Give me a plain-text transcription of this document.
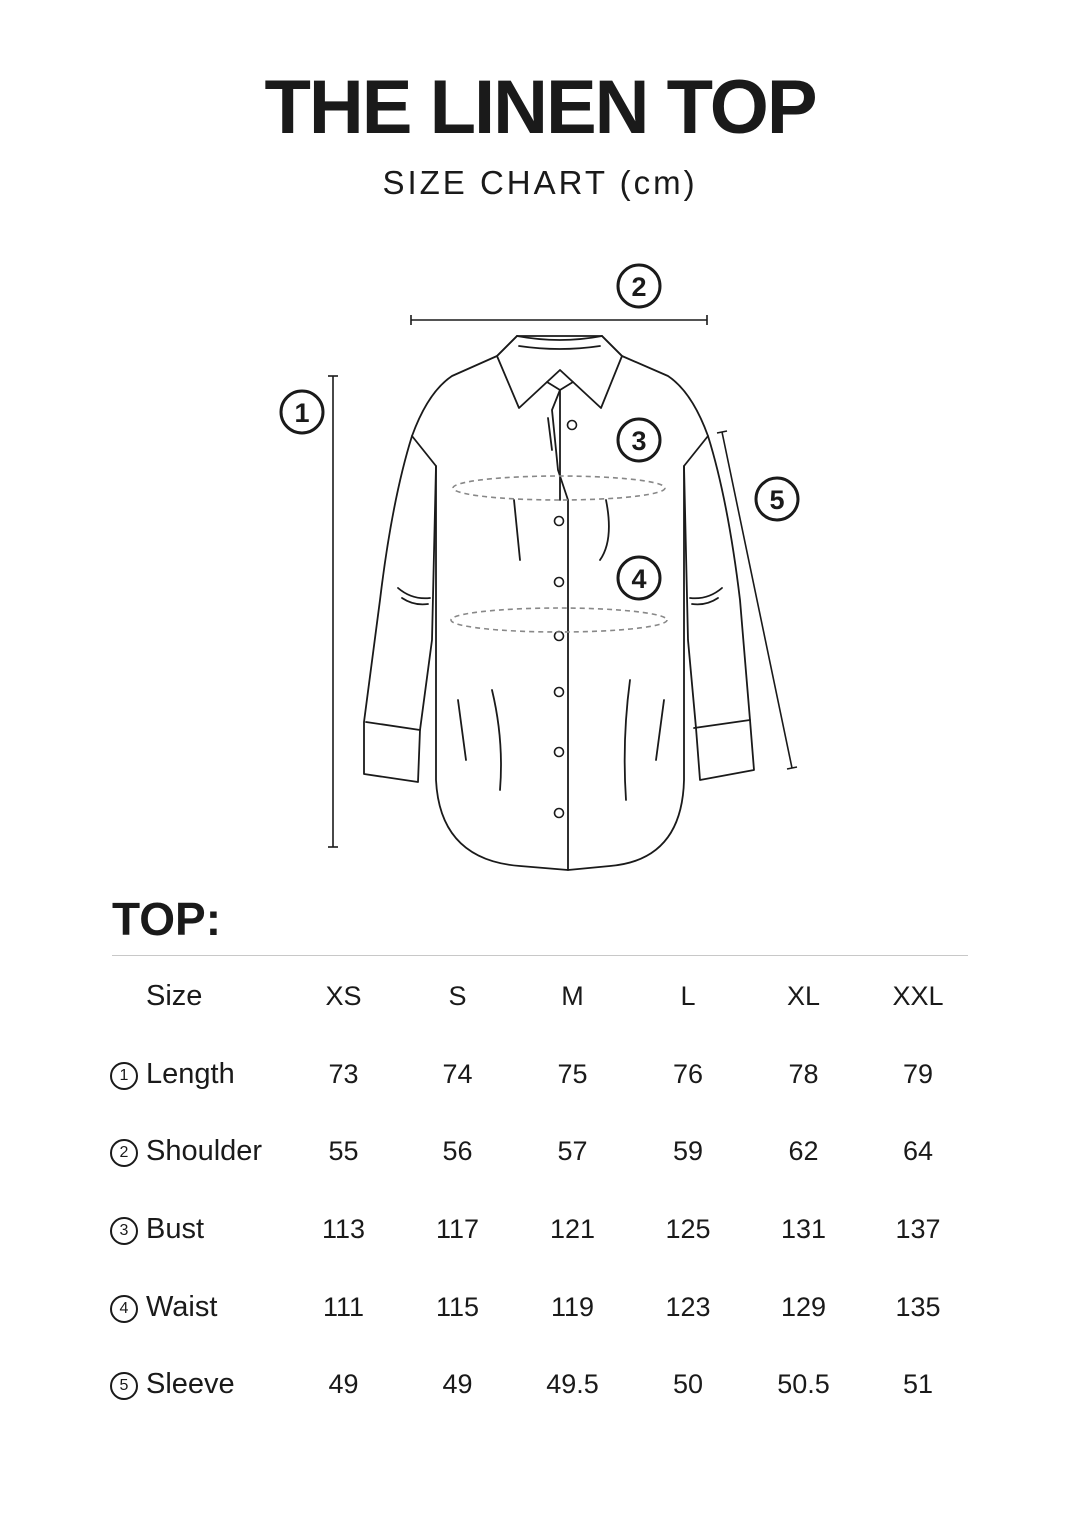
THE LINEN TOP
SIZE CHART (cm)
1
2
3
4
5
TOP:
Size	XS	S	M	L	XL	XXL
1 Length	73	74	75	76	78	79
2 Shoulder	55	56	57	59	62	64
3 Bust	113	117	121	125	131	137
4 Waist	111	115	119	123	129	135
5 Sleeve	49	49	49.5	50	50.5	51
